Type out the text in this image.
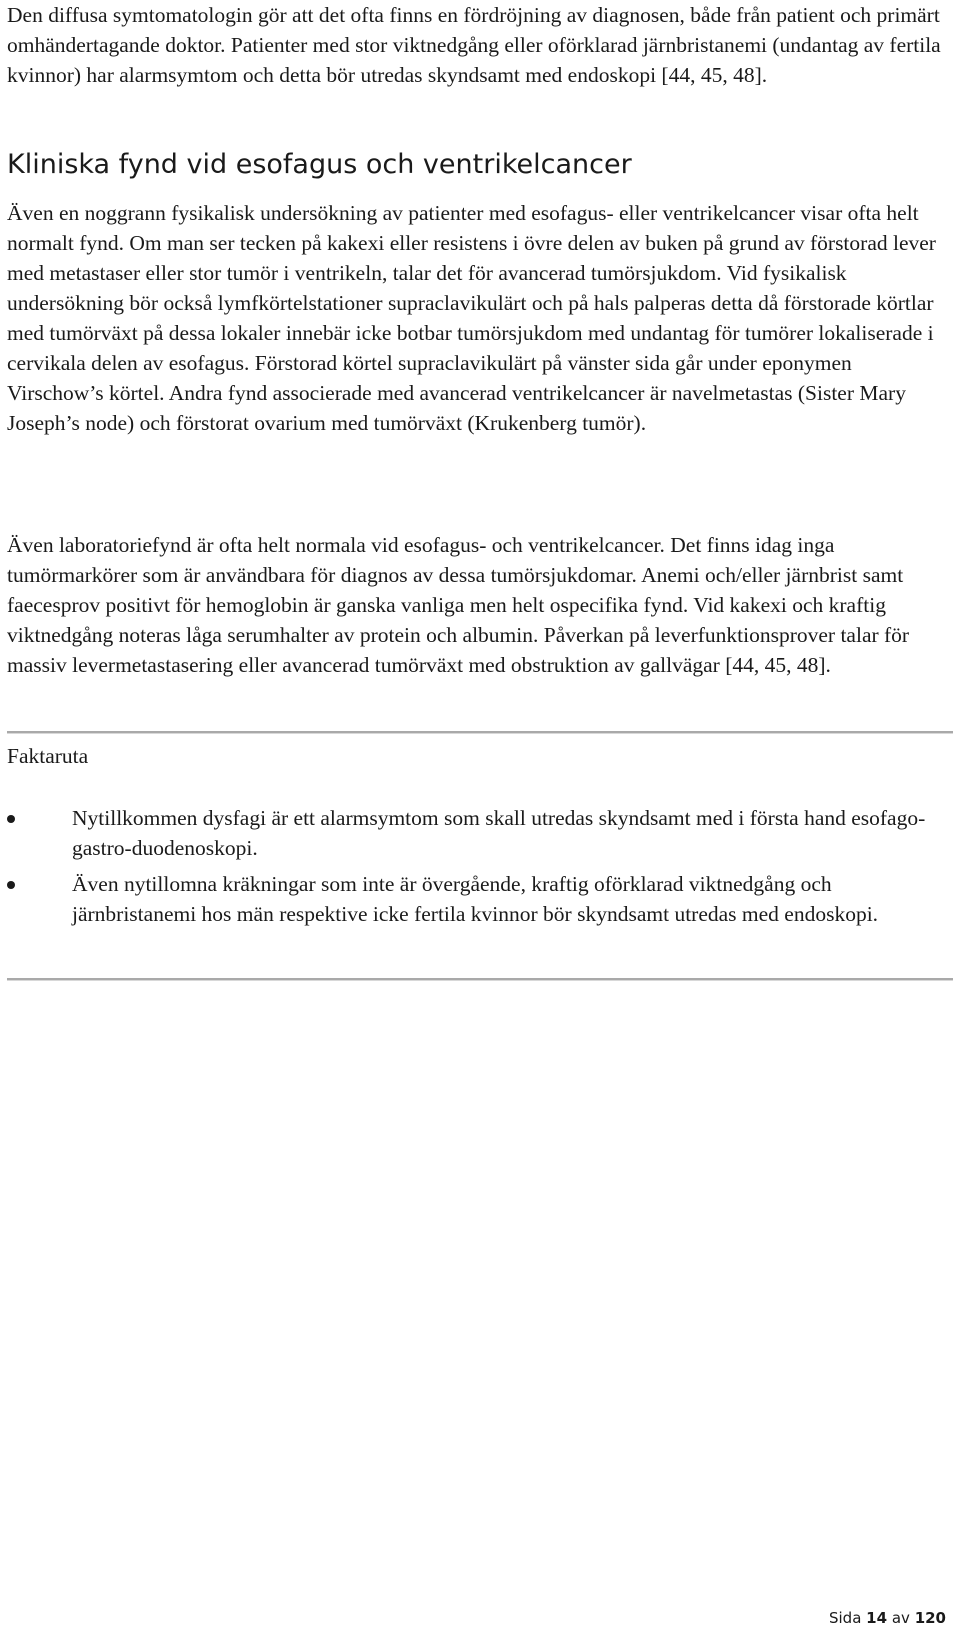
Den diffusa symtomatologin gör att det ofta finns en fördröjning av diagnosen, både från patient och primärt omhändertagande doktor. Patienter med stor viktnedgång eller oförklarad järnbristanemi (undantag av fertila kvinnor) har alarmsymtom och detta bör utredas skyndsamt med endoskopi [44, 45, 48].

Kliniska fynd vid esofagus och ventrikelcancer

Även en noggrann fysikalisk undersökning av patienter med esofagus- eller ventrikelcancer visar ofta helt normalt fynd. Om man ser tecken på kakexi eller resistens i övre delen av buken på grund av förstorad lever med metastaser eller stor tumör i ventrikeln, talar det för avancerad tumörsjukdom. Vid fysikalisk undersökning bör också lymfkörtelstationer supraclavikulärt och på hals palperas detta då förstorade körtlar med tumörväxt på dessa lokaler innebär icke botbar tumörsjukdom med undantag för tumörer lokaliserade i cervikala delen av esofagus. Förstorad körtel supraclavikulärt på vänster sida går under eponymen Virschow’s körtel. Andra fynd associerade med avancerad ventrikelcancer är navelmetastas (Sister Mary Joseph’s node) och förstorat ovarium med tumörväxt (Krukenberg tumör).

Även laboratoriefynd är ofta helt normala vid esofagus- och ventrikelcancer. Det finns idag inga tumörmarkörer som är användbara för diagnos av dessa tumörsjukdomar. Anemi och/eller järnbrist samt faecesprov positivt för hemoglobin är ganska vanliga men helt ospecifika fynd. Vid kakexi och kraftig viktnedgång noteras låga serumhalter av protein och albumin. Påverkan på leverfunktionsprover talar för massiv levermetastasering eller avancerad tumörväxt med obstruktion av gallvägar [44, 45, 48].

Faktaruta

Nytillkommen dysfagi är ett alarmsymtom som skall utredas skyndsamt med i första hand esofago-gastro-duodenoskopi.
Även nytillomna kräkningar som inte är övergående, kraftig oförklarad viktnedgång och järnbristanemi hos män respektive icke fertila kvinnor bör skyndsamt utredas med endoskopi.
Sida 14 av 120
